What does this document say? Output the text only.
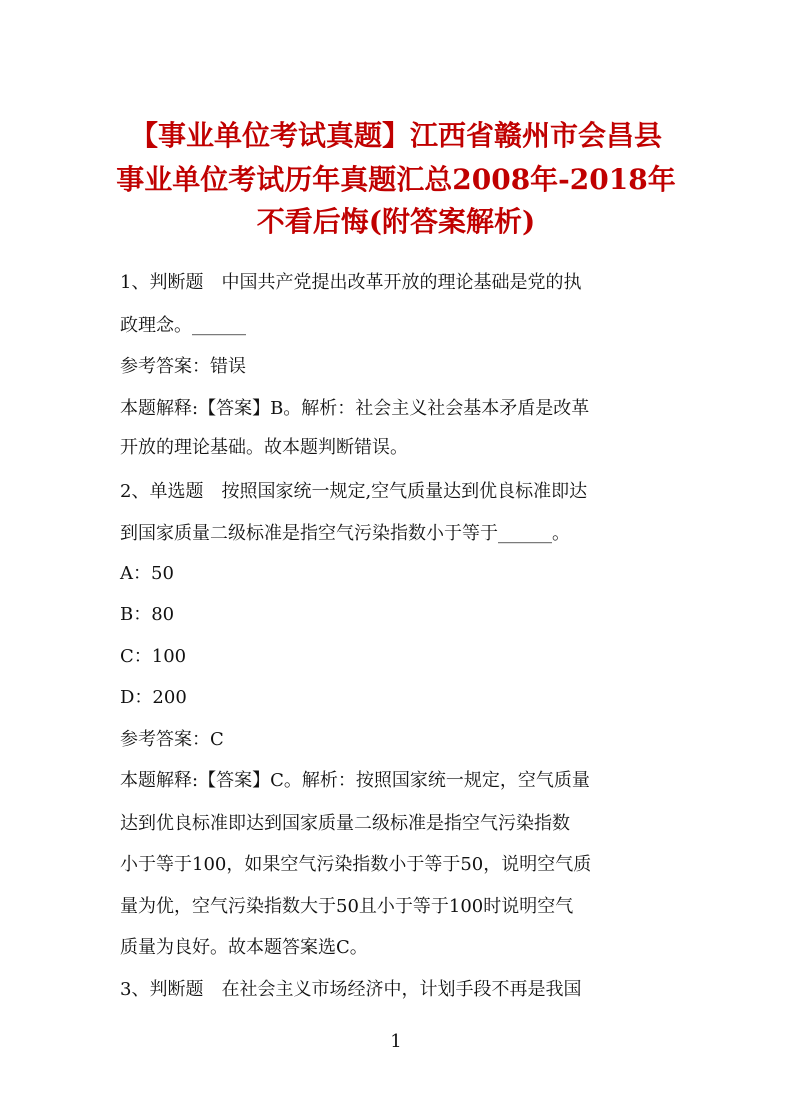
【事业单位考试真题】江西省赣州市会昌县
事业单位考试历年真题汇总2008年-2018年
不看后悔(附答案解析)
1、判断题　中国共产党提出改革开放的理论基础是党的执
政理念。______
参考答案：错误
本题解释:【答案】B。解析：社会主义社会基本矛盾是改革
开放的理论基础。故本题判断错误。
2、单选题　按照国家统一规定,空气质量达到优良标准即达
到国家质量二级标准是指空气污染指数小于等于______。
A：50
B：80
C：100
D：200
参考答案：C
本题解释:【答案】C。解析：按照国家统一规定，空气质量
达到优良标准即达到国家质量二级标准是指空气污染指数
小于等于100，如果空气污染指数小于等于50，说明空气质
量为优，空气污染指数大于50且小于等于100时说明空气
质量为良好。故本题答案选C。
3、判断题　在社会主义市场经济中，计划手段不再是我国
1
